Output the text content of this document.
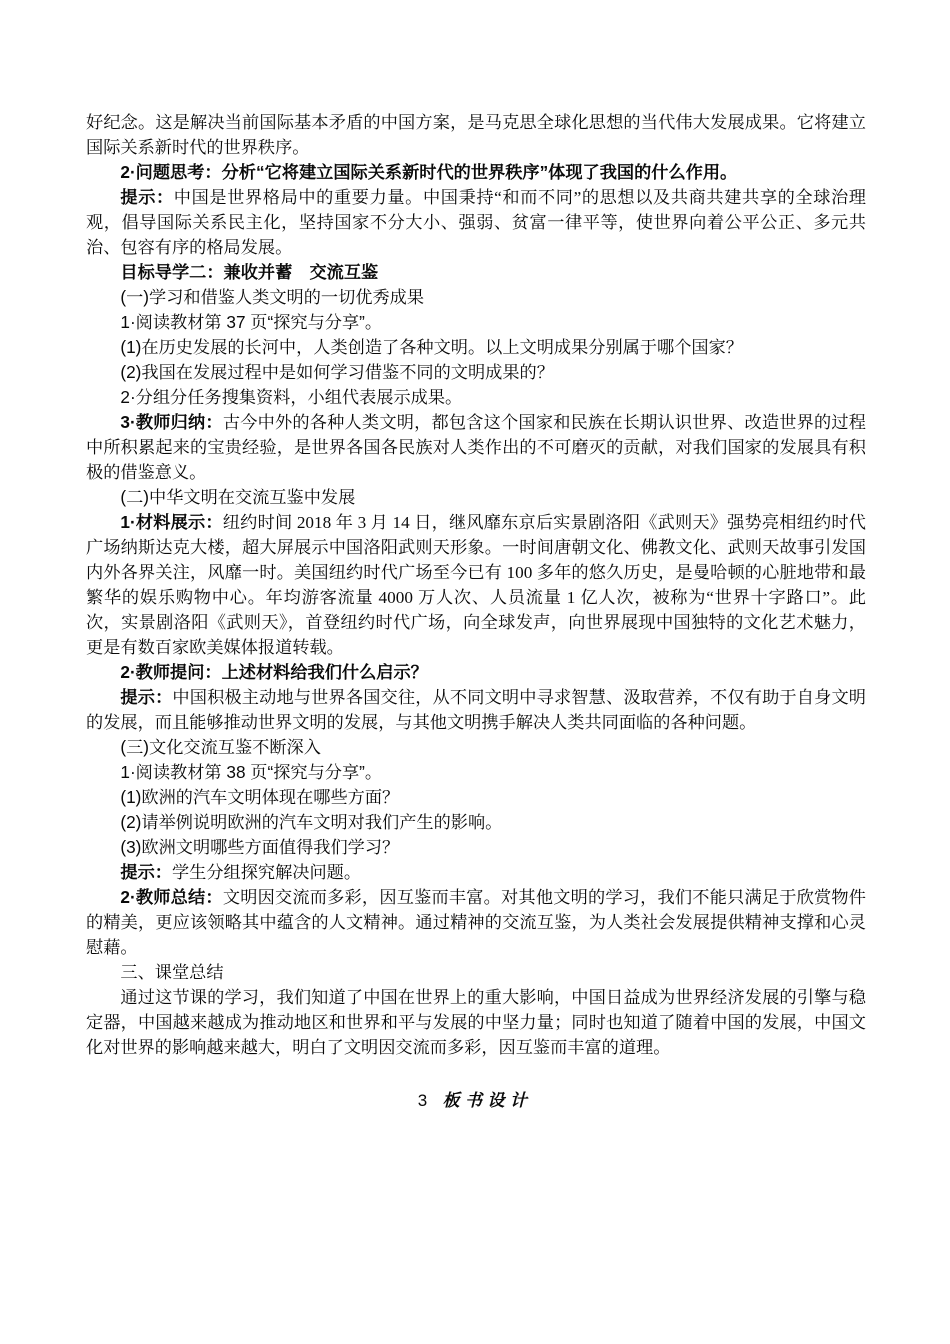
好纪念。这是解决当前国际基本矛盾的中国方案，是马克思全球化思想的当代伟大发展成果。它将建立国际关系新时代的世界秩序。

2·问题思考：分析“它将建立国际关系新时代的世界秩序”体现了我国的什么作用。

提示：中国是世界格局中的重要力量。中国秉持“和而不同”的思想以及共商共建共享的全球治理观，倡导国际关系民主化，坚持国家不分大小、强弱、贫富一律平等，使世界向着公平公正、多元共治、包容有序的格局发展。

目标导学二：兼收并蓄　交流互鉴

(一)学习和借鉴人类文明的一切优秀成果

1·阅读教材第 37 页“探究与分享”。

(1)在历史发展的长河中，人类创造了各种文明。以上文明成果分别属于哪个国家？

(2)我国在发展过程中是如何学习借鉴不同的文明成果的？

2·分组分任务搜集资料，小组代表展示成果。

3·教师归纳：古今中外的各种人类文明，都包含这个国家和民族在长期认识世界、改造世界的过程中所积累起来的宝贵经验，是世界各国各民族对人类作出的不可磨灭的贡献，对我们国家的发展具有积极的借鉴意义。

(二)中华文明在交流互鉴中发展

1·材料展示：纽约时间 2018 年 3 月 14 日，继风靡东京后实景剧洛阳《武则天》强势亮相纽约时代广场纳斯达克大楼，超大屏展示中国洛阳武则天形象。一时间唐朝文化、佛教文化、武则天故事引发国内外各界关注，风靡一时。美国纽约时代广场至今已有 100 多年的悠久历史，是曼哈顿的心脏地带和最繁华的娱乐购物中心。年均游客流量 4000 万人次、人员流量 1 亿人次，被称为“世界十字路口”。此次，实景剧洛阳《武则天》，首登纽约时代广场，向全球发声，向世界展现中国独特的文化艺术魅力，更是有数百家欧美媒体报道转载。

2·教师提问：上述材料给我们什么启示？

提示：中国积极主动地与世界各国交往，从不同文明中寻求智慧、汲取营养，不仅有助于自身文明的发展，而且能够推动世界文明的发展，与其他文明携手解决人类共同面临的各种问题。

(三)文化交流互鉴不断深入

1·阅读教材第 38 页“探究与分享”。

(1)欧洲的汽车文明体现在哪些方面？

(2)请举例说明欧洲的汽车文明对我们产生的影响。

(3)欧洲文明哪些方面值得我们学习？

提示：学生分组探究解决问题。

2·教师总结：文明因交流而多彩，因互鉴而丰富。对其他文明的学习，我们不能只满足于欣赏物件的精美，更应该领略其中蕴含的人文精神。通过精神的交流互鉴，为人类社会发展提供精神支撑和心灵慰藉。

三、课堂总结

通过这节课的学习，我们知道了中国在世界上的重大影响，中国日益成为世界经济发展的引擎与稳定器，中国越来越成为推动地区和世界和平与发展的中坚力量；同时也知道了随着中国的发展，中国文化对世界的影响越来越大，明白了文明因交流而多彩，因互鉴而丰富的道理。

3 板书设计
